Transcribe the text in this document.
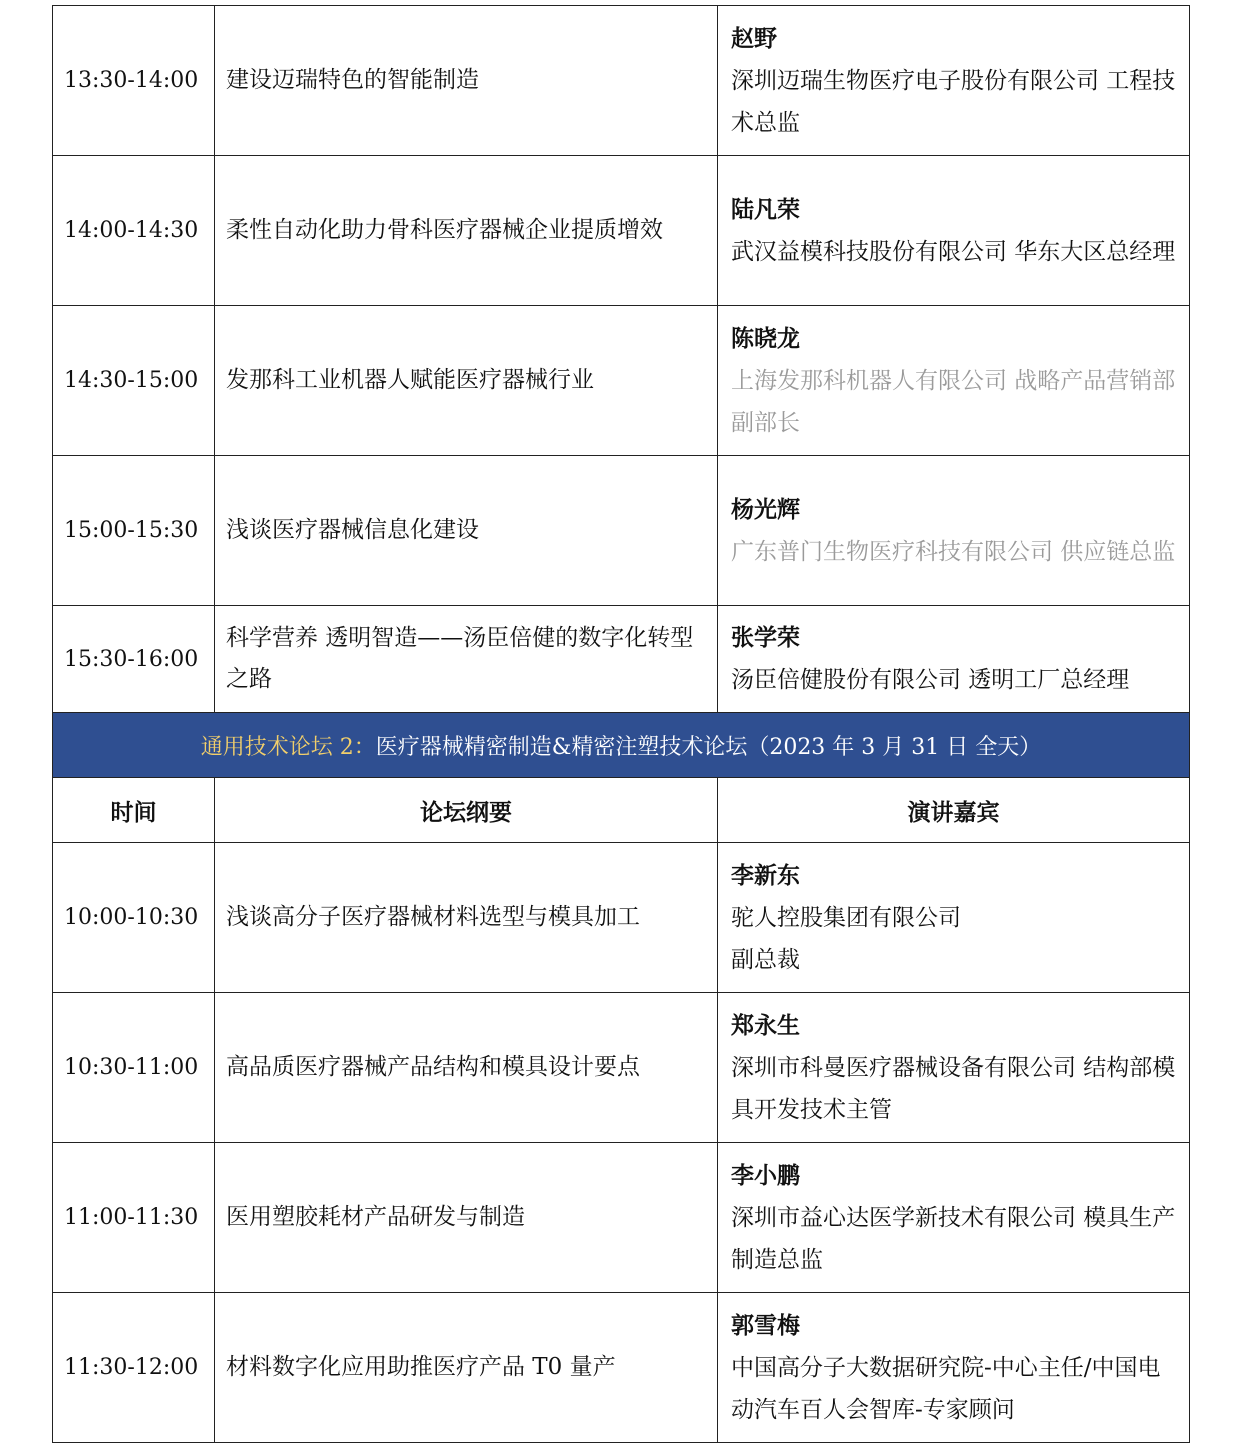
13:30-14:00	建设迈瑞特色的智能制造	赵野
深圳迈瑞生物医疗电子股份有限公司 工程技术总监

14:00-14:30	柔性自动化助力骨科医疗器械企业提质增效	陆凡荣
武汉益模科技股份有限公司 华东大区总经理

14:30-15:00	发那科工业机器人赋能医疗器械行业	陈晓龙
上海发那科机器人有限公司 战略产品营销部副部长

15:00-15:30	浅谈医疗器械信息化建设	杨光辉
广东普门生物医疗科技有限公司 供应链总监

15:30-16:00	科学营养 透明智造——汤臣倍健的数字化转型之路	张学荣
汤臣倍健股份有限公司 透明工厂总经理

通用技术论坛 2：医疗器械精密制造&精密注塑技术论坛（2023 年 3 月 31 日 全天）		
时间	论坛纲要	演讲嘉宾
10:00-10:30	浅谈高分子医疗器械材料选型与模具加工	李新东
驼人控股集团有限公司
副总裁

10:30-11:00	高品质医疗器械产品结构和模具设计要点	郑永生
深圳市科曼医疗器械设备有限公司 结构部模具开发技术主管

11:00-11:30	医用塑胶耗材产品研发与制造	李小鹏
深圳市益心达医学新技术有限公司 模具生产制造总监

11:30-12:00	材料数字化应用助推医疗产品 T0 量产	郭雪梅
中国高分子大数据研究院-中心主任/中国电动汽车百人会智库-专家顾问
